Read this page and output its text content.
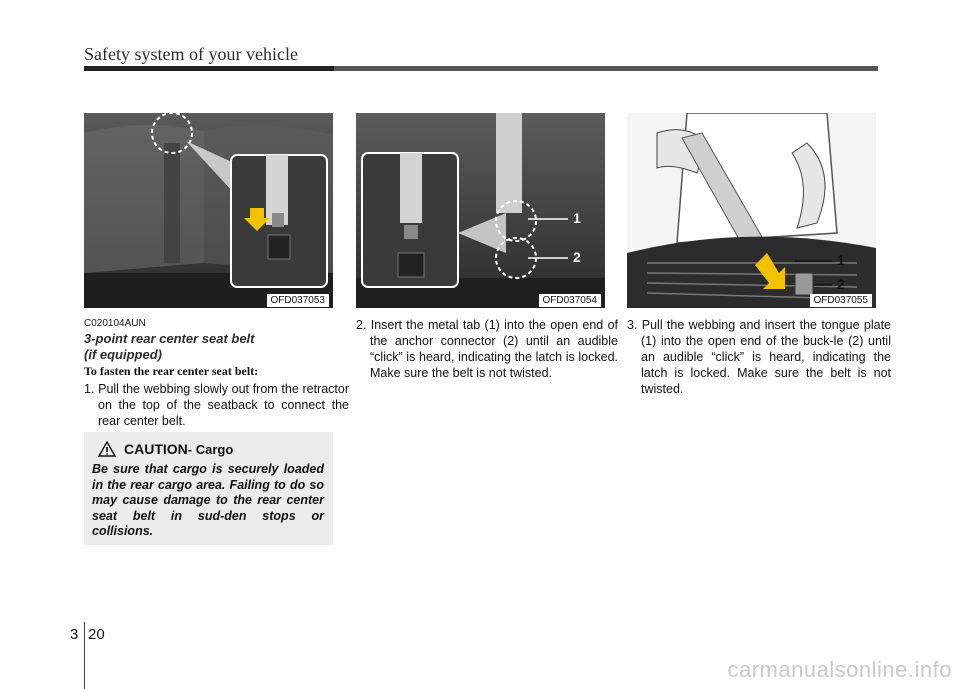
Safety system of your vehicle
OFD037053
1
2
OFD037054
1
2
OFD037055
C020104AUN
3-point rear center seat belt
(if equipped)
To fasten the rear center seat belt:
1. Pull the webbing slowly out from the retractor on the top of the seatback to connect the rear center belt.
CAUTION - Cargo
Be sure that cargo is securely loaded in the rear cargo area. Failing to do so may cause damage to the rear center seat belt in sud-den stops or collisions.
2. Insert the metal tab (1) into the open end of the anchor connector (2) until an audible “click” is heard, indicating the latch is locked. Make sure the belt is not twisted.
3. Pull the webbing and insert the tongue plate (1) into the open end of the buck-le (2) until an audible “click” is heard, indicating the latch is locked. Make sure the belt is not twisted.
3 20
carmanualsonline.info
